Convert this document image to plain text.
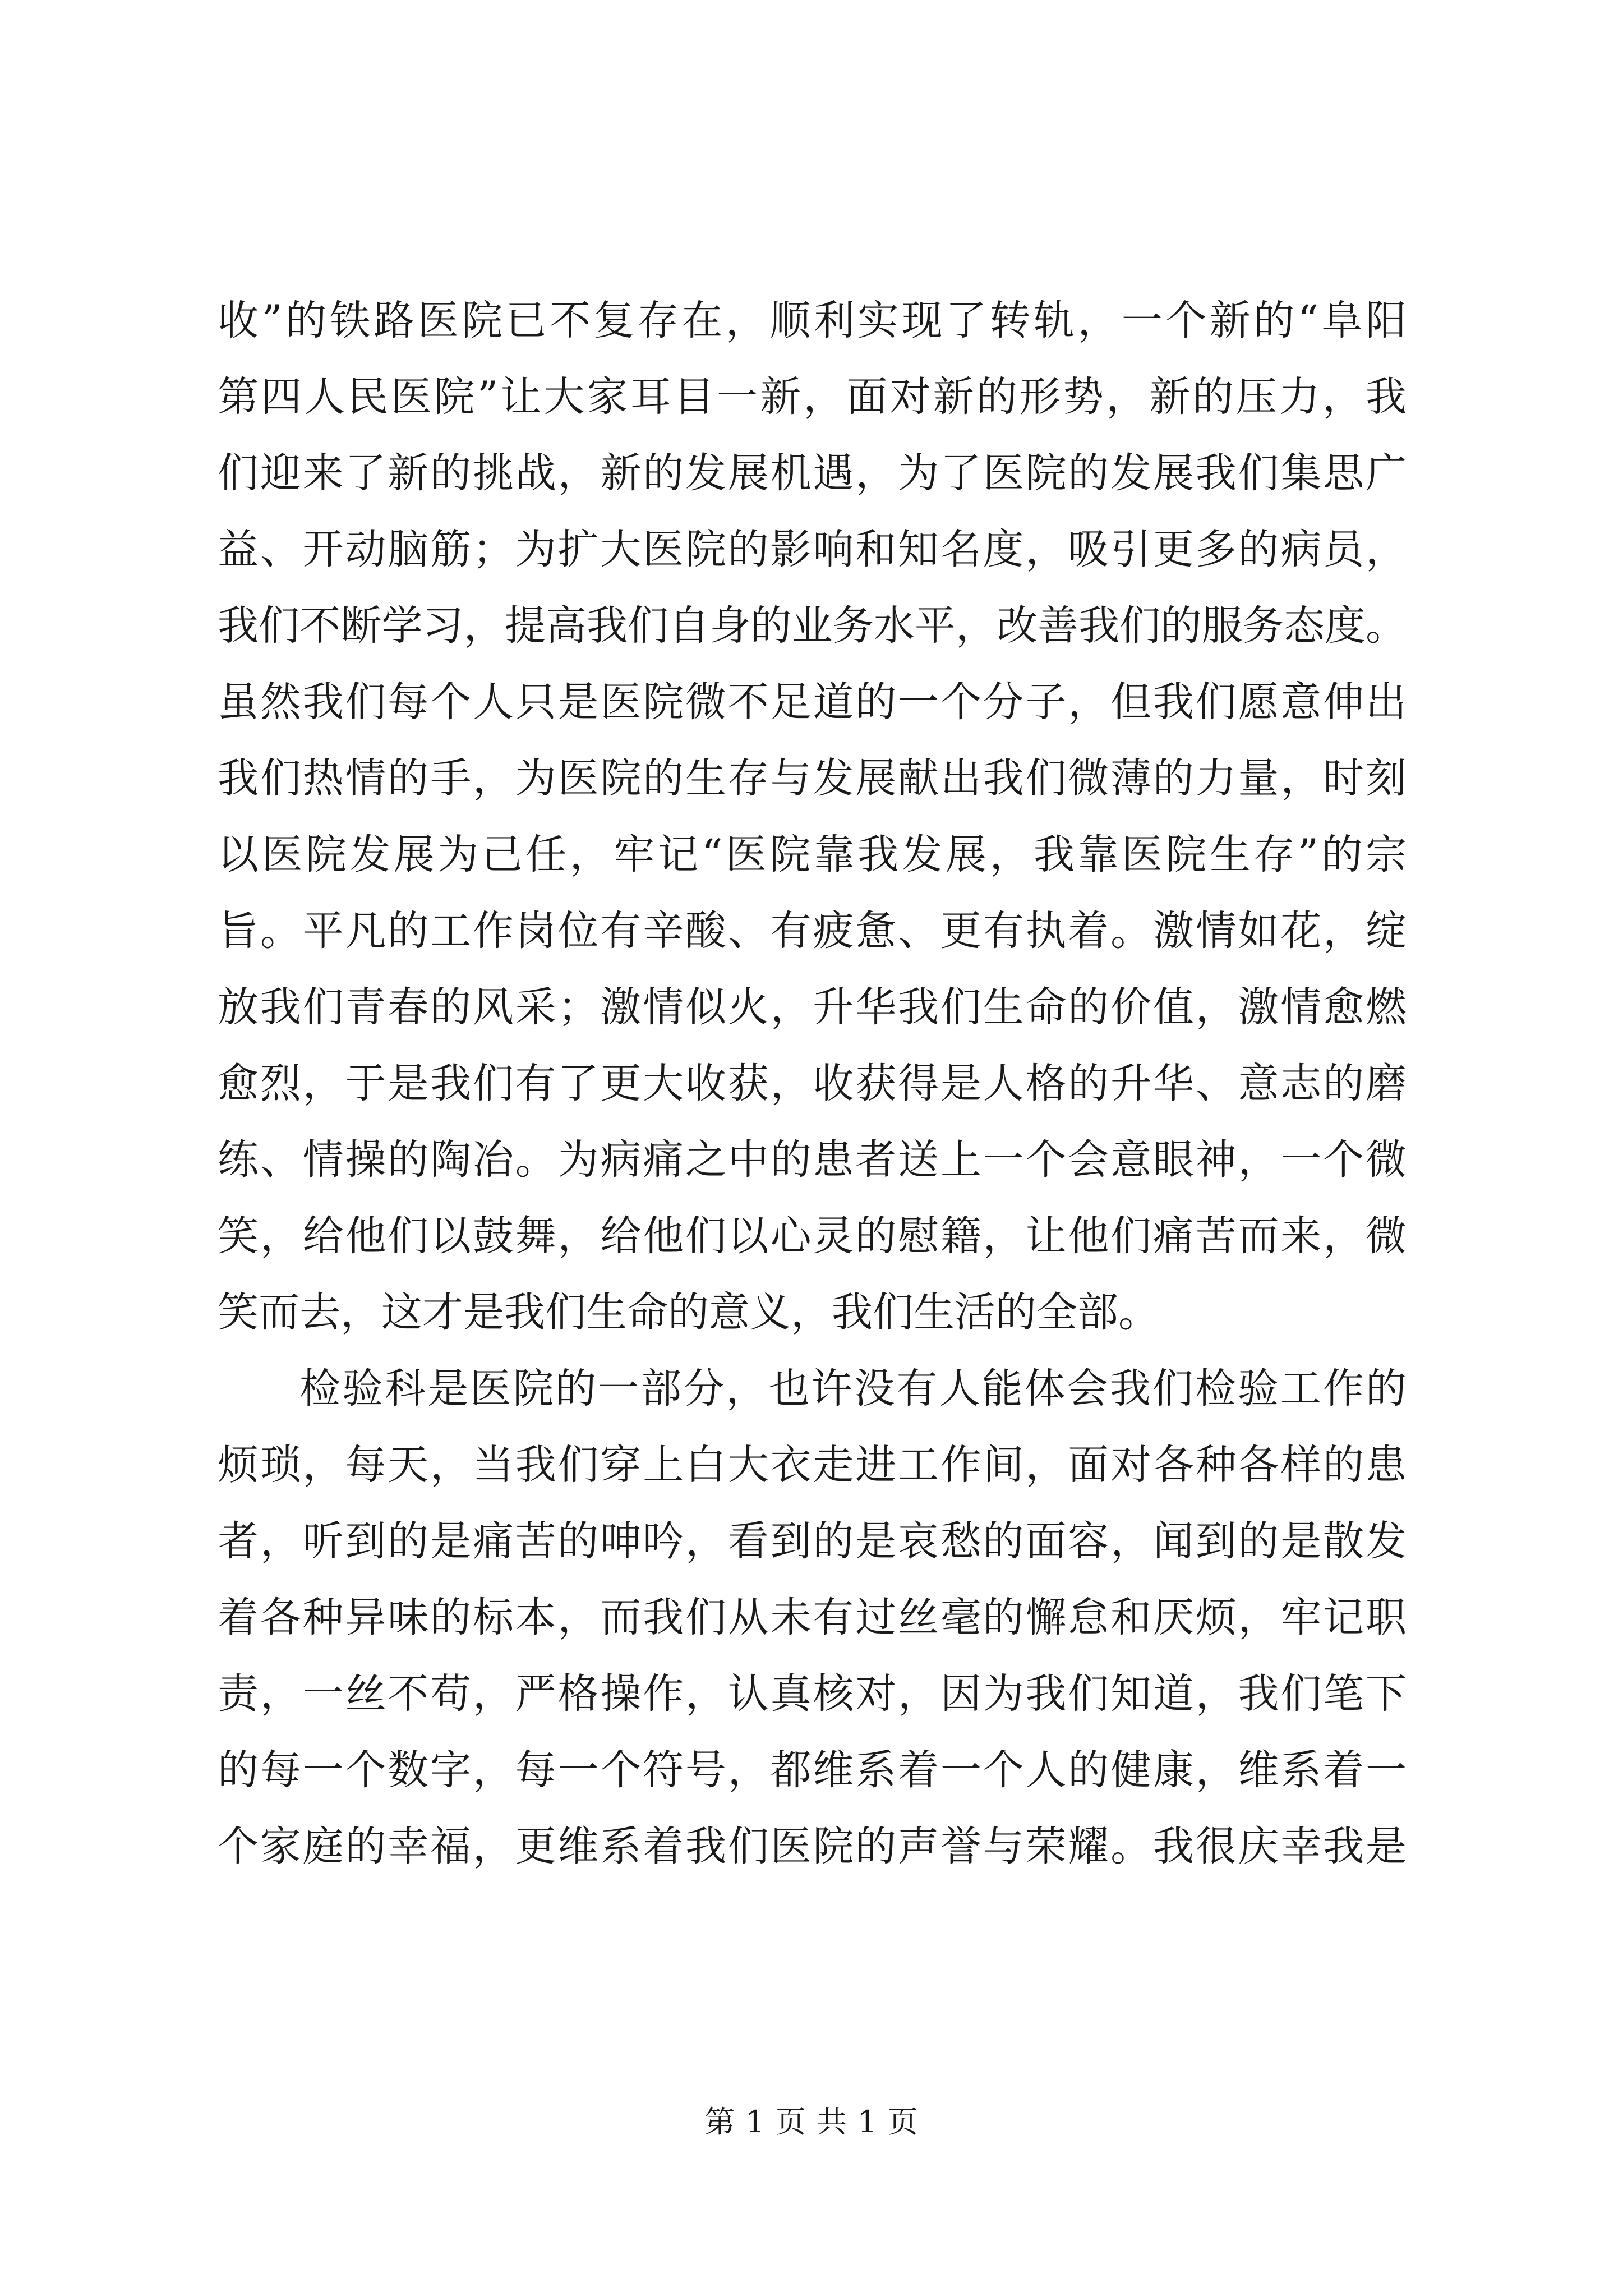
收”的铁路医院已不复存在，顺利实现了转轨，一个新的“阜阳
第四人民医院”让大家耳目一新，面对新的形势，新的压力，我
们迎来了新的挑战，新的发展机遇，为了医院的发展我们集思广
益、开动脑筋；为扩大医院的影响和知名度，吸引更多的病员，
我们不断学习，提高我们自身的业务水平，改善我们的服务态度。
虽然我们每个人只是医院微不足道的一个分子，但我们愿意伸出
我们热情的手，为医院的生存与发展献出我们微薄的力量，时刻
以医院发展为己任，牢记“医院靠我发展，我靠医院生存”的宗
旨。平凡的工作岗位有辛酸、有疲惫、更有执着。激情如花，绽
放我们青春的风采；激情似火，升华我们生命的价值，激情愈燃
愈烈，于是我们有了更大收获，收获得是人格的升华、意志的磨
练、情操的陶冶。为病痛之中的患者送上一个会意眼神，一个微
笑，给他们以鼓舞，给他们以心灵的慰籍，让他们痛苦而来，微
笑而去，这才是我们生命的意义，我们生活的全部。
检验科是医院的一部分，也许没有人能体会我们检验工作的
烦琐，每天，当我们穿上白大衣走进工作间，面对各种各样的患
者，听到的是痛苦的呻吟，看到的是哀愁的面容，闻到的是散发
着各种异味的标本，而我们从未有过丝毫的懈怠和厌烦，牢记职
责，一丝不苟，严格操作，认真核对，因为我们知道，我们笔下
的每一个数字，每一个符号，都维系着一个人的健康，维系着一
个家庭的幸福，更维系着我们医院的声誉与荣耀。我很庆幸我是
第 1 页 共 1 页
